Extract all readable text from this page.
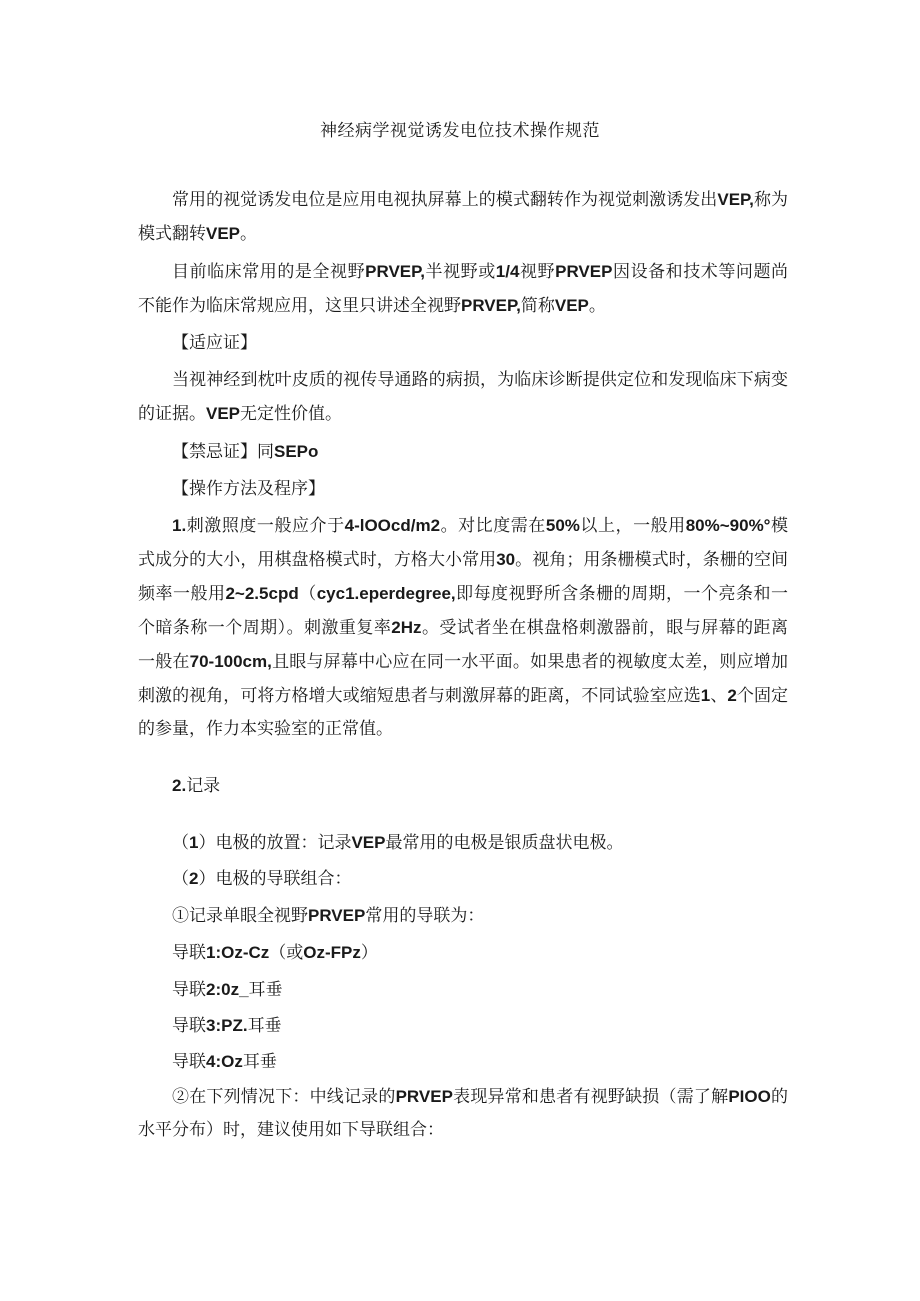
神经病学视觉诱发电位技术操作规范

常用的视觉诱发电位是应用电视执屏幕上的模式翻转作为视觉刺激诱发出VEP,称为模式翻转VEP。

目前临床常用的是全视野PRVEP,半视野或1/4视野PRVEP因设备和技术等问题尚不能作为临床常规应用，这里只讲述全视野PRVEP,简称VEP。

【适应证】

当视神经到枕叶皮质的视传导通路的病损，为临床诊断提供定位和发现临床下病变的证据。VEP无定性价值。

【禁忌证】同SEPo

【操作方法及程序】

1.刺激照度一般应介于4-lOOcd/m2。对比度需在50%以上，一般用80%~90%°模式成分的大小，用棋盘格模式时，方格大小常用30。视角；用条栅模式时，条栅的空间频率一般用2~2.5cpd（cyc1.eperdegree,即每度视野所含条栅的周期，一个亮条和一个暗条称一个周期）。刺激重复率2Hz。受试者坐在棋盘格刺激器前，眼与屏幕的距离一般在70-100cm,且眼与屏幕中心应在同一水平面。如果患者的视敏度太差，则应增加刺激的视角，可将方格增大或缩短患者与刺激屏幕的距离，不同试验室应选1、2个固定的参量，作力本实验室的正常值。

2.记录

（1）电极的放置：记录VEP最常用的电极是银质盘状电极。

（2）电极的导联组合：

①记录单眼全视野PRVEP常用的导联为：

导联1:Oz-Cz（或Oz-FPz）

导联2:0z_耳垂

导联3:PZ.耳垂

导联4:Oz耳垂

②在下列情况下：中线记录的PRVEP表现异常和患者有视野缺损（需了解PIOO的水平分布）时，建议使用如下导联组合：
